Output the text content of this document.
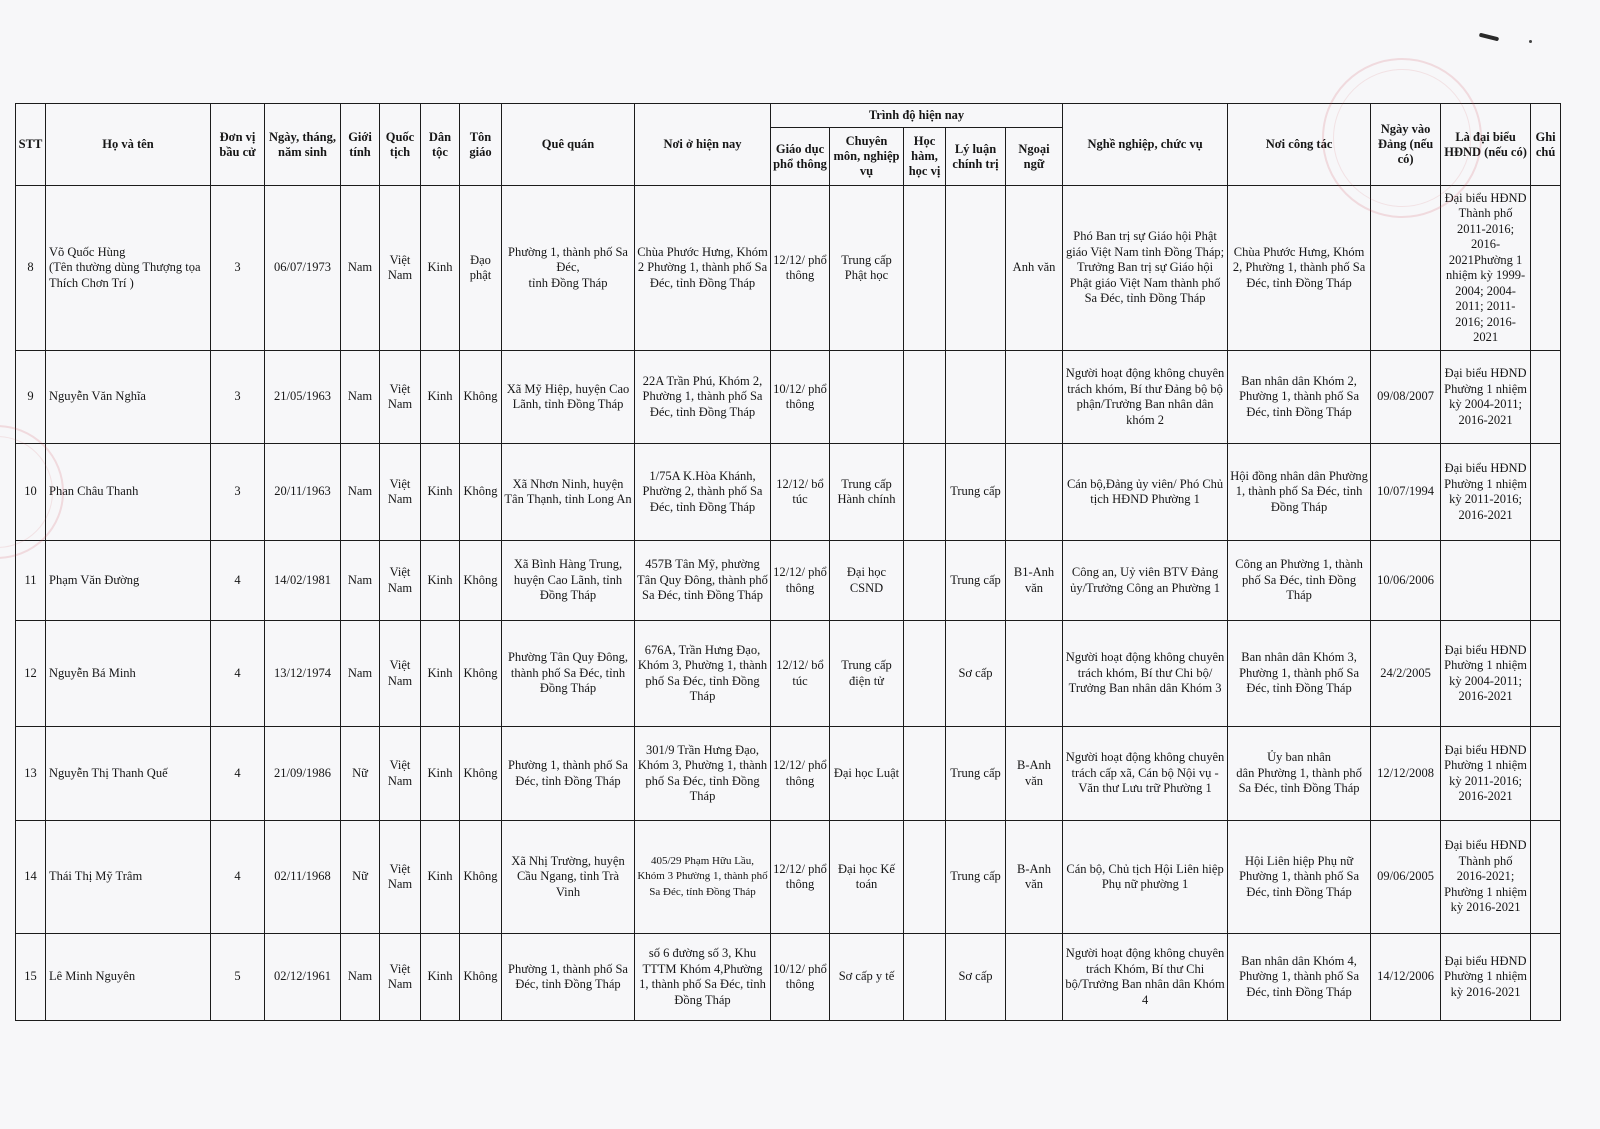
STT	Họ và tên	Đơn vị bầu cử	Ngày, tháng, năm sinh	Giới tính	Quốc tịch	Dân tộc	Tôn giáo	Quê quán	Nơi ở hiện nay	Trình độ hiện nay					Nghề nghiệp, chức vụ	Nơi công tác	Ngày vào Đảng (nếu có)	Là đại biểu HĐND (nếu có)	Ghi chú
										Giáo dục phổ thông	Chuyên môn, nghiệp vụ	Học hàm, học vị	Lý luận chính trị	Ngoại ngữ					
8	Võ Quốc Hùng
(Tên thường dùng Thượng tọa Thích Chơn Trí )	3	06/07/1973	Nam	Việt Nam	Kinh	Đạo phật	Phường 1, thành phố Sa Đéc,
tỉnh Đồng Tháp	Chùa Phước Hưng, Khóm 2 Phường 1, thành phố Sa Đéc, tỉnh Đồng Tháp	12/12/ phổ thông	Trung cấp Phật học			Anh văn	Phó Ban trị sự Giáo hội Phật giáo Việt Nam tỉnh Đồng Tháp; Trưởng Ban trị sự Giáo hội Phật giáo Việt Nam thành phố Sa Đéc, tỉnh Đồng Tháp	Chùa Phước Hưng, Khóm 2, Phường 1, thành phố Sa Đéc, tỉnh Đồng Tháp		Đại biểu HĐND Thành phố 2011-2016; 2016-2021Phường 1 nhiệm kỳ 1999-2004; 2004-2011; 2011-2016; 2016-2021	
9	Nguyễn Văn Nghĩa	3	21/05/1963	Nam	Việt Nam	Kinh	Không	Xã Mỹ Hiệp, huyện Cao Lãnh, tỉnh Đồng Tháp	22A Trần Phú, Khóm 2, Phường 1, thành phố Sa Đéc, tỉnh Đồng Tháp	10/12/ phổ thông					Người hoạt động không chuyên trách khóm, Bí thư Đảng bộ bộ phận/Trưởng Ban nhân dân khóm 2	Ban nhân dân Khóm 2, Phường 1, thành phố Sa Đéc, tỉnh Đồng Tháp	09/08/2007	Đại biểu HĐND Phường 1 nhiệm kỳ 2004-2011; 2016-2021	
10	Phan Châu Thanh	3	20/11/1963	Nam	Việt Nam	Kinh	Không	Xã Nhơn Ninh, huyện Tân Thạnh, tỉnh Long An	1/75A K.Hòa Khánh, Phường 2, thành phố Sa Đéc, tỉnh Đồng Tháp	12/12/ bổ túc	Trung cấp Hành chính		Trung cấp		Cán bộ,Đảng ủy viên/ Phó Chủ tịch HĐND Phường 1	Hội đồng nhân dân Phường 1, thành phố Sa Đéc, tỉnh Đồng Tháp	10/07/1994	Đại biểu HĐND Phường 1 nhiệm kỳ 2011-2016; 2016-2021	
11	Phạm Văn Đường	4	14/02/1981	Nam	Việt Nam	Kinh	Không	Xã Bình Hàng Trung, huyện Cao Lãnh, tỉnh Đồng Tháp	457B Tân Mỹ, phường Tân Quy Đông, thành phố Sa Đéc, tỉnh Đồng Tháp	12/12/ phổ thông	Đại học CSND		Trung cấp	B1-Anh văn	Công an, Uỷ viên BTV Đảng ủy/Trưởng Công an Phường 1	Công an Phường 1, thành phố Sa Đéc, tỉnh Đồng Tháp	10/06/2006		
12	Nguyễn Bá Minh	4	13/12/1974	Nam	Việt Nam	Kinh	Không	Phường Tân Quy Đông,
thành phố Sa Đéc, tỉnh Đồng Tháp	676A, Trần Hưng Đạo, Khóm 3, Phường 1, thành phố Sa Đéc, tỉnh Đồng Tháp	12/12/ bổ túc	Trung cấp điện tử		Sơ cấp		Người hoạt động không chuyên trách khóm, Bí thư Chi bộ/ Trưởng Ban nhân dân Khóm 3	Ban nhân dân Khóm 3, Phường 1, thành phố Sa Đéc, tỉnh Đồng Tháp	24/2/2005	Đại biểu HĐND Phường 1 nhiệm kỳ 2004-2011; 2016-2021	
13	Nguyễn Thị Thanh Quế	4	21/09/1986	Nữ	Việt Nam	Kinh	Không	Phường 1, thành phố Sa Đéc, tỉnh Đồng Tháp	301/9 Trần Hưng Đạo, Khóm 3, Phường 1, thành phố Sa Đéc, tỉnh Đồng Tháp	12/12/ phổ thông	Đại học Luật		Trung cấp	B-Anh văn	Người hoạt động không chuyên trách cấp xã, Cán bộ Nội vụ - Văn thư Lưu trữ Phường 1	Ủy ban nhân
dân Phường 1, thành phố Sa Đéc, tỉnh Đồng Tháp	12/12/2008	Đại biểu HĐND Phường 1 nhiệm kỳ 2011-2016; 2016-2021	
14	Thái Thị Mỹ Trâm	4	02/11/1968	Nữ	Việt Nam	Kinh	Không	Xã Nhị Trường, huyện Cầu Ngang, tỉnh Trà Vinh	405/29 Phạm Hữu Lầu, Khóm 3 Phường 1, thành phố Sa Đéc, tỉnh Đồng Tháp	12/12/ phổ thông	Đại học Kế toán		Trung cấp	B-Anh văn	Cán bộ, Chủ tịch Hội Liên hiệp Phụ nữ phường 1	Hội Liên hiệp Phụ nữ Phường 1, thành phố Sa Đéc, tỉnh Đồng Tháp	09/06/2005	Đại biểu HĐND Thành phố 2016-2021; Phường 1 nhiệm kỳ 2016-2021	
15	Lê Minh Nguyên	5	02/12/1961	Nam	Việt Nam	Kinh	Không	Phường 1, thành phố Sa Đéc, tỉnh Đồng Tháp	số 6 đường số 3, Khu TTTM Khóm 4,Phường 1, thành phố Sa Đéc, tỉnh Đồng Tháp	10/12/ phổ thông	Sơ cấp y tế		Sơ cấp		Người hoạt động không chuyên trách Khóm, Bí thư Chi bộ/Trưởng Ban nhân dân Khóm 4	Ban nhân dân Khóm 4, Phường 1, thành phố Sa Đéc, tỉnh Đồng Tháp	14/12/2006	Đại biểu HĐND Phường 1 nhiệm kỳ 2016-2021	
